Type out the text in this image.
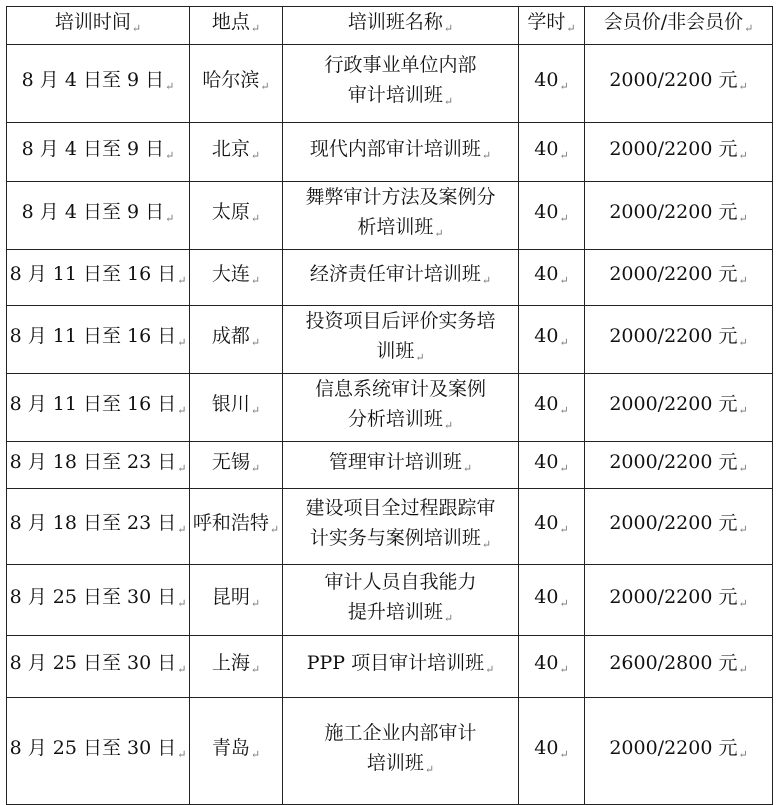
培训时间$_↵$	地点$_↵$	培训班名称$_↵$	学时$_↵$	会员价/非会员价$_↵$
8 月 4 日至 9 日$_↵$	哈尔滨$_↵$	行政事业单位内部
审计培训班$_↵$	$40_↵$	2000/2200 元$_↵$
8 月 4 日至 9 日$_↵$	北京$_↵$	现代内部审计培训班$_↵$	$40_↵$	2000/2200 元$_↵$
8 月 4 日至 9 日$_↵$	太原$_↵$	舞弊审计方法及案例分
析培训班$_↵$	$40_↵$	2000/2200 元$_↵$
8 月 11 日至 16 日$_↵$	大连$_↵$	经济责任审计培训班$_↵$	$40_↵$	2000/2200 元$_↵$
8 月 11 日至 16 日$_↵$	成都$_↵$	投资项目后评价实务培
训班$_↵$	$40_↵$	2000/2200 元$_↵$
8 月 11 日至 16 日$_↵$	银川$_↵$	信息系统审计及案例
分析培训班$_↵$	$40_↵$	2000/2200 元$_↵$
8 月 18 日至 23 日$_↵$	无锡$_↵$	管理审计培训班$_↵$	$40_↵$	2000/2200 元$_↵$
8 月 18 日至 23 日$_↵$	呼和浩特$_↵$	建设项目全过程跟踪审
计实务与案例培训班$_↵$	$40_↵$	2000/2200 元$_↵$
8 月 25 日至 30 日$_↵$	昆明$_↵$	审计人员自我能力
提升培训班$_↵$	$40_↵$	2000/2200 元$_↵$
8 月 25 日至 30 日$_↵$	上海$_↵$	PPP 项目审计培训班$_↵$	$40_↵$	2600/2800 元$_↵$
8 月 25 日至 30 日$_↵$	青岛$_↵$	施工企业内部审计
培训班$_↵$	$40_↵$	2000/2200 元$_↵$
